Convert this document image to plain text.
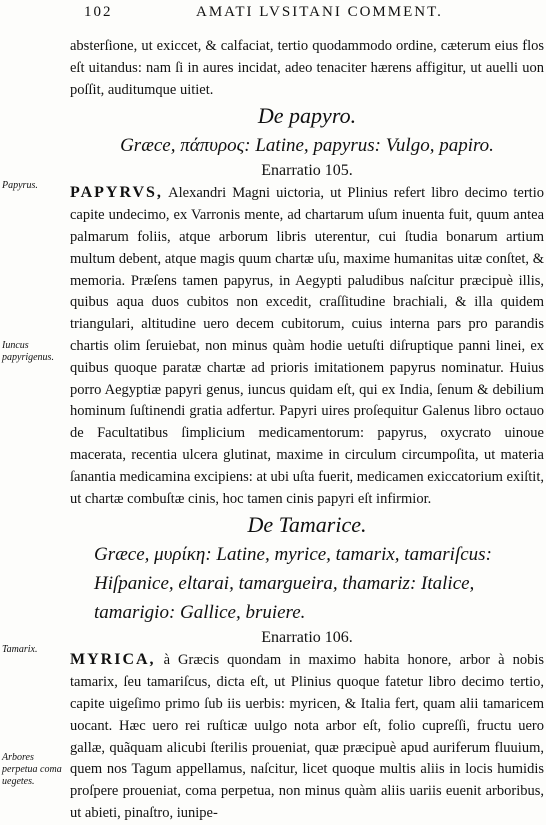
102	AMATI LVSITANI COMMENT.
Papyrus.
Iuncus papyrigenus.
Tamarix.
Arbores perpetua coma uegetes.

absterſione, ut exiccet, & calfaciat, tertio quodammodo ordine, cæterum eius flos eſt uitandus: nam ſi in aures incidat, adeo tenaciter hærens affigitur, ut auelli uon poſſit, auditumque uitiet.

De papyro.

Græce, πάπυρος: Latine, papyrus: Vulgo, papiro.

Enarratio 105.

PAPYRVS, Alexandri Magni uictoria, ut Plinius refert libro decimo tertio capite undecimo, ex Varronis mente, ad chartarum uſum inuenta fuit, quum antea palmarum foliis, atque arborum libris uterentur, cui ſtudia bonarum artium multum debent, atque magis quum chartæ uſu, maxime humanitas uitæ conſtet, & memoria. Præſens tamen papyrus, in Aegypti paludibus naſcitur præcipuè illis, quibus aqua duos cubitos non excedit, craſſitudine brachiali, & illa quidem triangulari, altitudine uero decem cubitorum, cuius interna pars pro parandis chartis olim ſeruiebat, non minus quàm hodie uetuſti diſruptique panni linei, ex quibus quoque paratæ chartæ ad prioris imitationem papyrus nominatur. Huius porro Aegyptiæ papyri genus, iuncus quidam eſt, qui ex India, ſenum & debilium hominum ſuſtinendi gratia adfertur. Papyri uires proſequitur Galenus libro octauo de Facultatibus ſimplicium medicamentorum: papyrus, oxycrato uinoue macerata, recentia ulcera glutinat, maxime in circulum circumpoſita, ut materia ſanantia medicamina excipiens: at ubi uſta fuerit, medicamen exiccatorium exiſtit, ut chartæ combuſtæ cinis, hoc tamen cinis papyri eſt infirmior.

De Tamarice.

Græce, μυρίκη: Latine, myrice, tamarix, tamariſcus: Hiſpanice, eltarai, tamargueira, thamariz: Italice, tamarigio: Gallice, bruiere.

Enarratio 106.

MYRICA, à Græcis quondam in maximo habita honore, arbor à nobis tamarix, ſeu tamariſcus, dicta eſt, ut Plinius quoque fatetur libro decimo tertio, capite uigeſimo primo ſub iis uerbis: myricen, & Italia fert, quam alii tamaricem uocant. Hæc uero rei ruſticæ uulgo nota arbor eſt, folio cupreſſi, fructu uero gallæ, quãquam alicubi ſterilis proueniat, quæ præcipuè apud auriferum fluuium, quem nos Tagum appellamus, naſcitur, licet quoque multis aliis in locis humidis proſpere proueniat, coma perpetua, non minus quàm aliis uariis euenit arboribus, ut abieti, pinaſtro, iunipe-
